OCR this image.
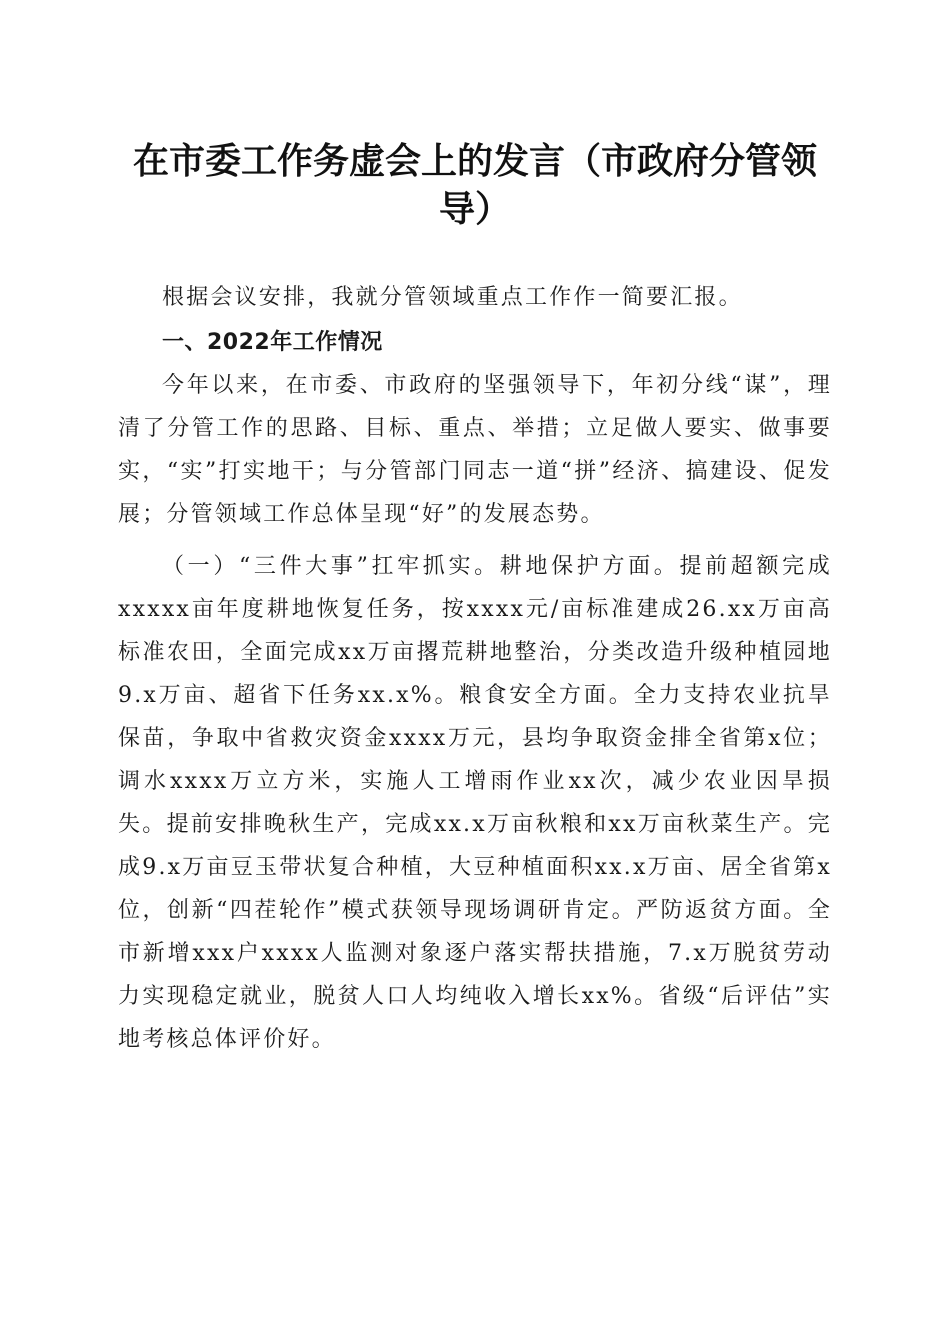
在市委工作务虚会上的发言（市政府分管领导）
根据会议安排，我就分管领域重点工作作一简要汇报。
一、2022年工作情况
今年以来，在市委、市政府的坚强领导下，年初分线“谋”，理清了分管工作的思路、目标、重点、举措；立足做人要实、做事要实，“实”打实地干；与分管部门同志一道“拼”经济、搞建设、促发展；分管领域工作总体呈现“好”的发展态势。
（一）“三件大事”扛牢抓实。耕地保护方面。提前超额完成xxxxx亩年度耕地恢复任务，按xxxx元/亩标准建成26.xx万亩高标准农田，全面完成xx万亩撂荒耕地整治，分类改造升级种植园地9.x万亩、超省下任务xx.x%。粮食安全方面。全力支持农业抗旱保苗，争取中省救灾资金xxxx万元，县均争取资金排全省第x位；调水xxxx万立方米，实施人工增雨作业xx次，减少农业因旱损失。提前安排晚秋生产，完成xx.x万亩秋粮和xx万亩秋菜生产。完成9.x万亩豆玉带状复合种植，大豆种植面积xx.x万亩、居全省第x位，创新“四茬轮作”模式获领导现场调研肯定。严防返贫方面。全市新增xxx户xxxx人监测对象逐户落实帮扶措施，7.x万脱贫劳动力实现稳定就业，脱贫人口人均纯收入增长xx%。省级“后评估”实地考核总体评价好。
